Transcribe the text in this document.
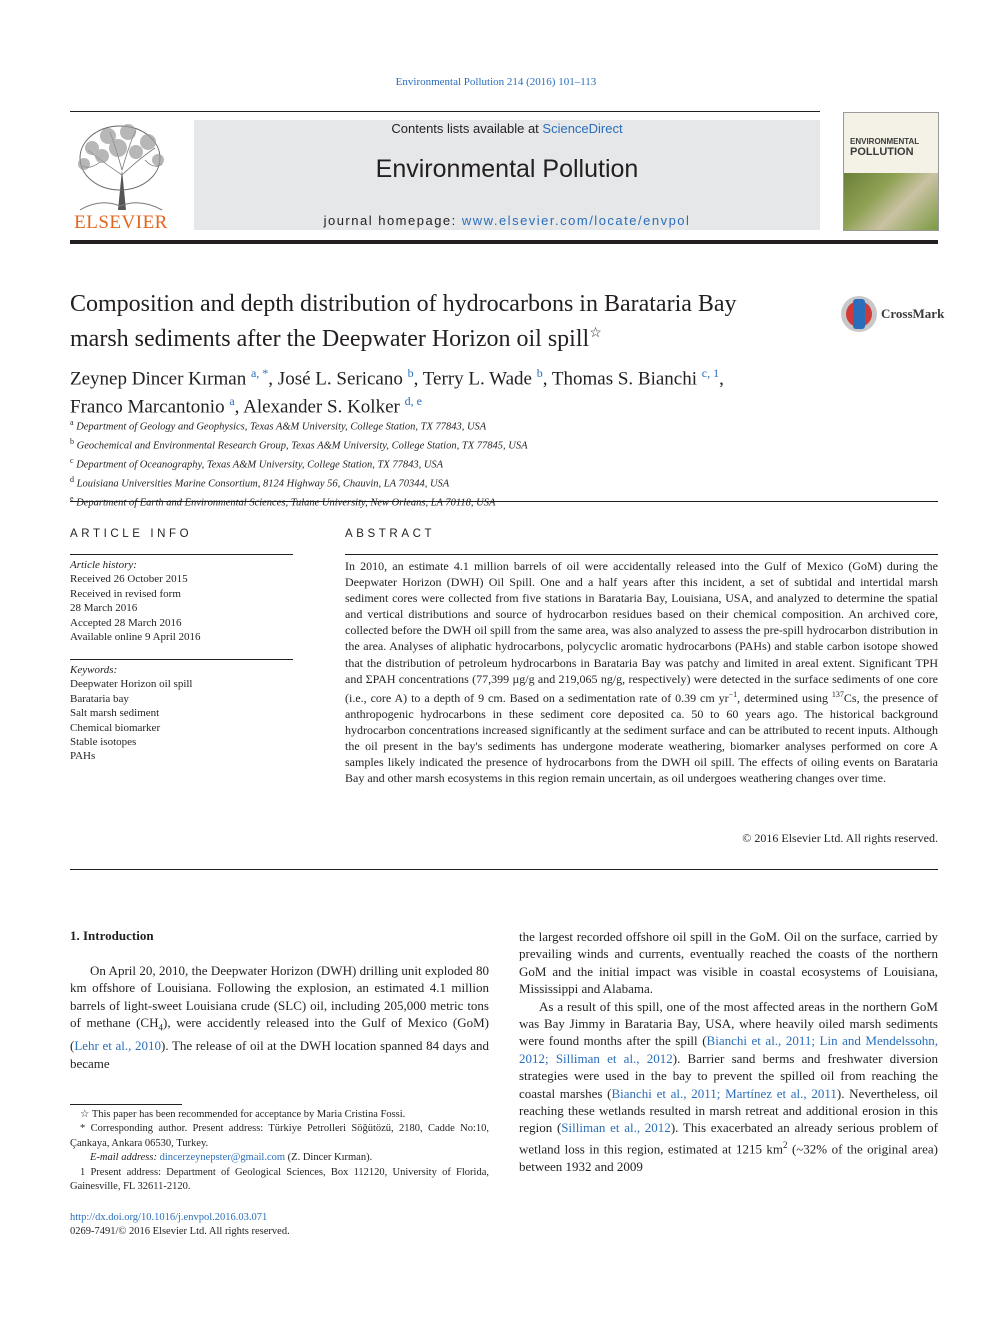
Environmental Pollution 214 (2016) 101–113
ELSEVIER
Contents lists available at ScienceDirect
Environmental Pollution
journal homepage: www.elsevier.com/locate/envpol
ENVIRONMENTAL
POLLUTION
Composition and depth distribution of hydrocarbons in Barataria Bay
marsh sediments after the Deepwater Horizon oil spill☆
CrossMark
Zeynep Dincer Kırman $^{a, *}$, José L. Sericano $^b$, Terry L. Wade $^b$, Thomas S. Bianchi $^{c, 1}$,
Franco Marcantonio $^a$, Alexander S. Kolker $^{d, e}$
$^a$ Department of Geology and Geophysics, Texas A&M University, College Station, TX 77843, USA
$^b$ Geochemical and Environmental Research Group, Texas A&M University, College Station, TX 77845, USA
$^c$ Department of Oceanography, Texas A&M University, College Station, TX 77843, USA
$^d$ Louisiana Universities Marine Consortium, 8124 Highway 56, Chauvin, LA 70344, USA
$^e$ Department of Earth and Environmental Sciences, Tulane University, New Orleans, LA 70118, USA
ARTICLE INFO	ABSTRACT
Article history:
Received 26 October 2015
Received in revised form
28 March 2016
Accepted 28 March 2016
Available online 9 April 2016
Keywords:
Deepwater Horizon oil spill
Barataria bay
Salt marsh sediment
Chemical biomarker
Stable isotopes
PAHs
In 2010, an estimate 4.1 million barrels of oil were accidentally released into the Gulf of Mexico (GoM) during the Deepwater Horizon (DWH) Oil Spill. One and a half years after this incident, a set of subtidal and intertidal marsh sediment cores were collected from five stations in Barataria Bay, Louisiana, USA, and analyzed to determine the spatial and vertical distributions and source of hydrocarbon residues based on their chemical composition. An archived core, collected before the DWH oil spill from the same area, was also analyzed to assess the pre-spill hydrocarbon distribution in the area. Analyses of aliphatic hydrocarbons, polycyclic aromatic hydrocarbons (PAHs) and stable carbon isotope showed that the distribution of petroleum hydrocarbons in Barataria Bay was patchy and limited in areal extent. Significant TPH and ΣPAH concentrations (77,399 µg/g and 219,065 ng/g, respectively) were detected in the surface sediments of one core (i.e., core A) to a depth of 9 cm. Based on a sedimentation rate of 0.39 cm $yr^{-1}$, determined using $^{137}$Cs, the presence of anthropogenic hydrocarbons in these sediment core deposited ca. 50 to 60 years ago. The historical background hydrocarbon concentrations increased significantly at the sediment surface and can be attributed to recent inputs. Although the oil present in the bay's sediments has undergone moderate weathering, biomarker analyses performed on core A samples likely indicated the presence of hydrocarbons from the DWH oil spill. The effects of oiling events on Barataria Bay and other marsh ecosystems in this region remain uncertain, as oil undergoes weathering changes over time.
© 2016 Elsevier Ltd. All rights reserved.
1. Introduction

On April 20, 2010, the Deepwater Horizon (DWH) drilling unit exploded 80 km offshore of Louisiana. Following the explosion, an estimated 4.1 million barrels of light-sweet Louisiana crude (SLC) oil, including 205,000 metric tons of methane $(CH_4)$, were accidently released into the Gulf of Mexico (GoM) (Lehr et al., 2010). The release of oil at the DWH location spanned 84 days and became

the largest recorded offshore oil spill in the GoM. Oil on the surface, carried by prevailing winds and currents, eventually reached the coasts of the northern GoM and the initial impact was visible in coastal ecosystems of Louisiana, Mississippi and Alabama.

As a result of this spill, one of the most affected areas in the northern GoM was Bay Jimmy in Barataria Bay, USA, where heavily oiled marsh sediments were found months after the spill (Bianchi et al., 2011; Lin and Mendelssohn, 2012; Silliman et al., 2012). Barrier sand berms and freshwater diversion strategies were used in the bay to prevent the spilled oil from reaching the coastal marshes (Bianchi et al., 2011; Martínez et al., 2011). Nevertheless, oil reaching these wetlands resulted in marsh retreat and additional erosion in this region (Silliman et al., 2012). This exacerbated an already serious problem of wetland loss in this region, estimated at 1215 $km^2$ (~32% of the original area) between 1932 and 2009

☆ This paper has been recommended for acceptance by Maria Cristina Fossi.
* Corresponding author. Present address: Türkiye Petrolleri Söğütözü, 2180, Cadde No:10, Çankaya, Ankara 06530, Turkey.
E-mail address: dincerzeynepster@gmail.com (Z. Dincer Kırman).
1 Present address: Department of Geological Sciences, Box 112120, University of Florida, Gainesville, FL 32611-2120.
http://dx.doi.org/10.1016/j.envpol.2016.03.071
0269-7491/© 2016 Elsevier Ltd. All rights reserved.
